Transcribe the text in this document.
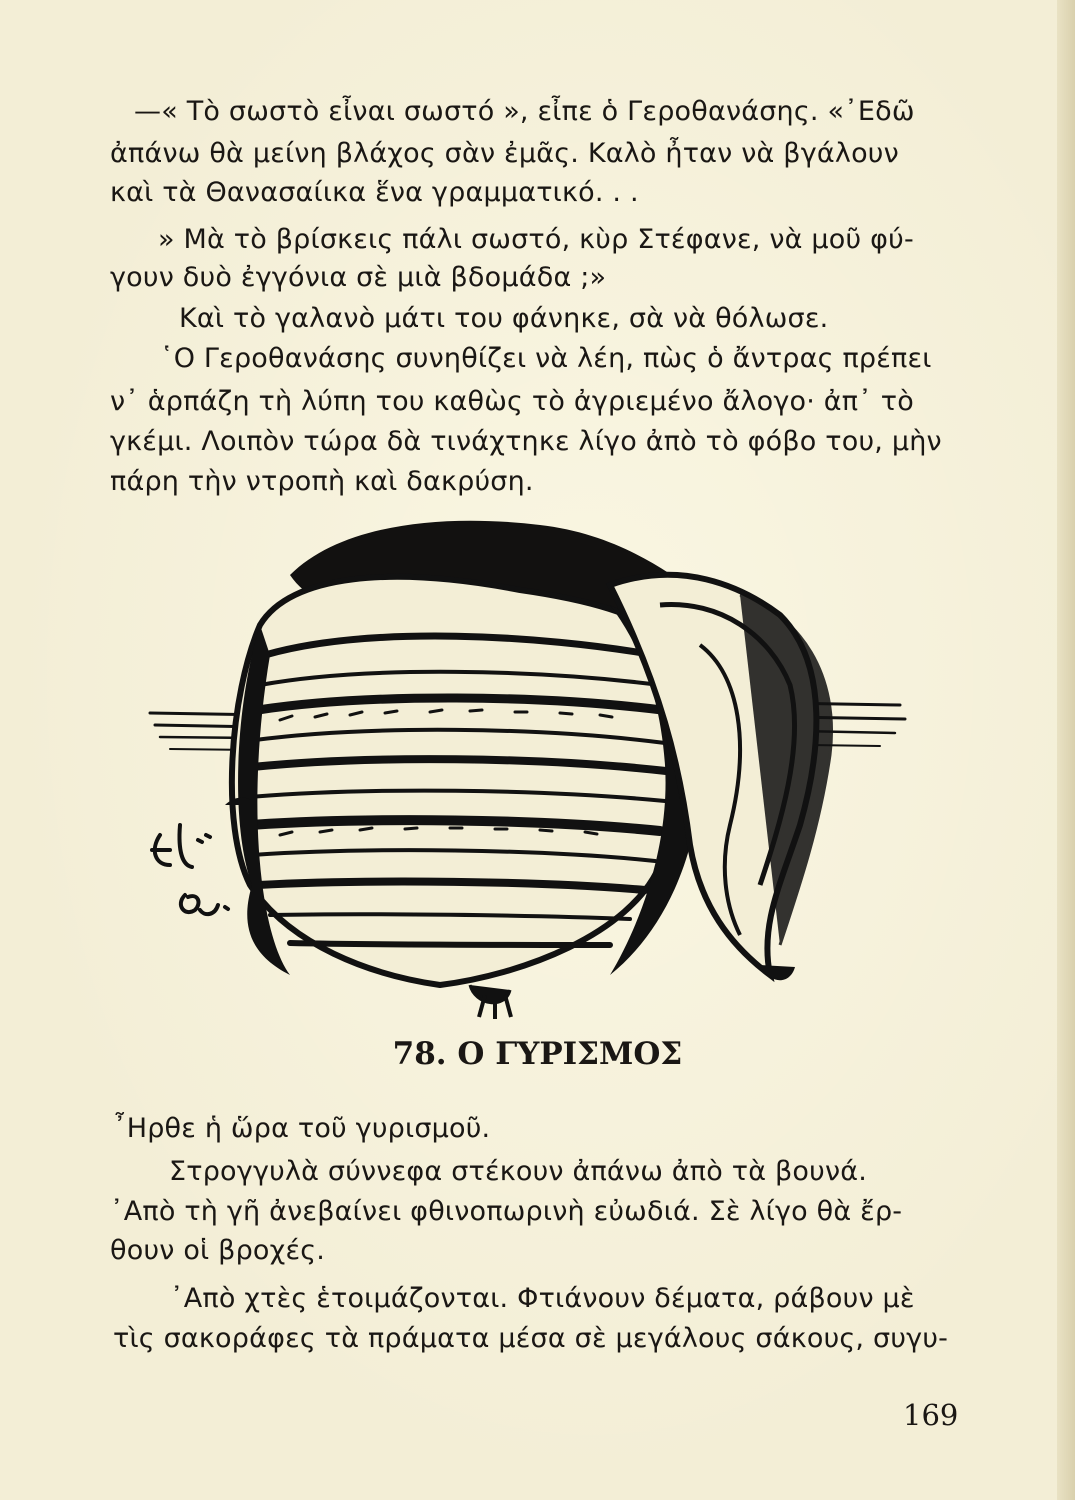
—« Τὸ σωστὸ εἶναι σωστό », εἶπε ὁ Γεροθανάσης. «᾿Εδῶ
ἀπάνω θὰ μείνη βλάχος σὰν ἐμᾶς. Καλὸ ἦταν νὰ βγάλουν
καὶ τὰ Θανασαίικα ἕνα γραμματικό. . .
» Μὰ τὸ βρίσκεις πάλι σωστό, κὺρ Στέφανε, νὰ μοῦ φύ-
γουν δυὸ ἐγγόνια σὲ μιὰ βδομάδα ;»
Καὶ τὸ γαλανὸ μάτι του φάνηκε, σὰ νὰ θόλωσε.
῾Ο Γεροθανάσης συνηθίζει νὰ λέη, πὼς ὁ ἄντρας πρέπει
ν᾿ ἁρπάζη τὴ λύπη του καθὼς τὸ ἀγριεμένο ἄλογο· ἀπ᾿ τὸ
γκέμι. Λοιπὸν τώρα δὰ τινάχτηκε λίγο ἀπὸ τὸ φόβο του, μὴν
πάρη τὴν ντροπὴ καὶ δακρύση.
78. Ο ΓΥΡΙΣΜΟΣ
῏Ηρθε ἡ ὥρα τοῦ γυρισμοῦ.
Στρογγυλὰ σύννεφα στέκουν ἀπάνω ἀπὸ τὰ βουνά.
᾿Απὸ τὴ γῆ ἀνεβαίνει φθινοπωρινὴ εὐωδιά. Σὲ λίγο θὰ ἔρ-
θουν οἱ βροχές.
᾿Απὸ χτὲς ἑτοιμάζονται. Φτιάνουν δέματα, ράβουν μὲ
τὶς σακοράφες τὰ πράματα μέσα σὲ μεγάλους σάκους, συγυ-
169
